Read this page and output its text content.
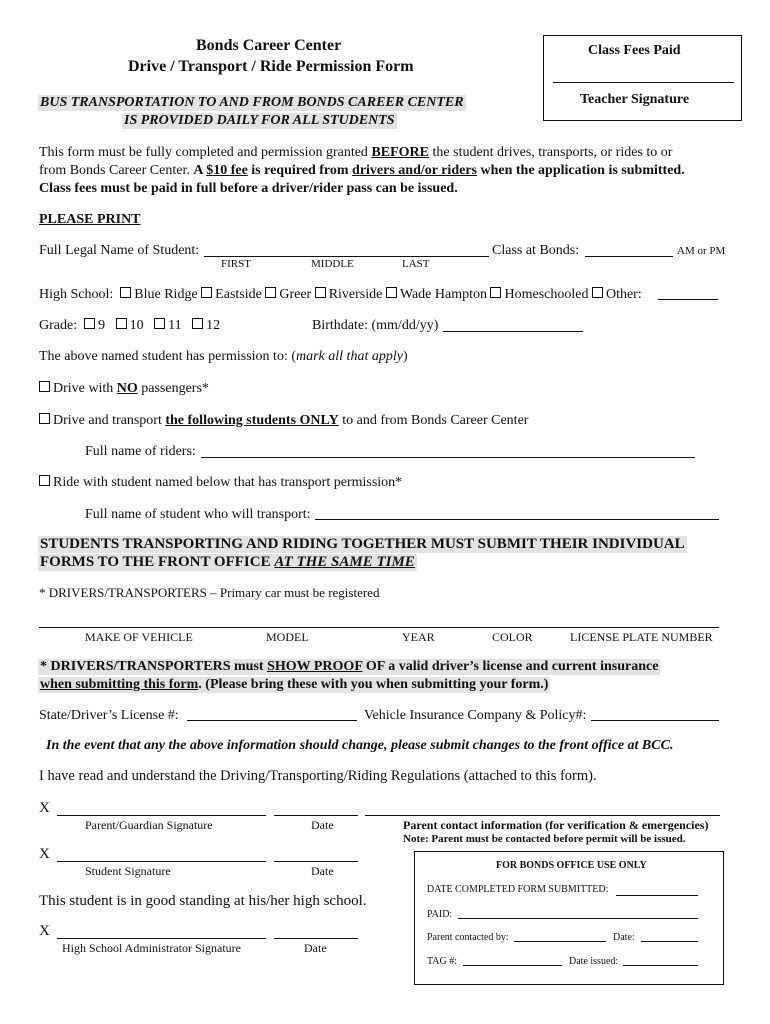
Bonds Career Center
Drive / Transport / Ride Permission Form
Class Fees Paid
Teacher Signature
BUS TRANSPORTATION TO AND FROM BONDS CAREER CENTER
IS PROVIDED DAILY FOR ALL STUDENTS
This form must be fully completed and permission granted BEFORE the student drives, transports, or rides to or
from Bonds Career Center. A $10 fee is required from drivers and/or riders when the application is submitted.
Class fees must be paid in full before a driver/rider pass can be issued.
PLEASE PRINT
Full Legal Name of Student:
FIRST	MIDDLE	LAST
Class at Bonds:	AM or PM
High School: Blue Ridge Eastside Greer Riverside Wade Hampton Homeschooled Other:
Grade: 9 10 11 12	Birthdate: (mm/dd/yy)
The above named student has permission to: (mark all that apply)
Drive with NO passengers*
Drive and transport the following students ONLY to and from Bonds Career Center
Full name of riders:
Ride with student named below that has transport permission*
Full name of student who will transport:
STUDENTS TRANSPORTING AND RIDING TOGETHER MUST SUBMIT THEIR INDIVIDUAL
FORMS TO THE FRONT OFFICE AT THE SAME TIME
* DRIVERS/TRANSPORTERS – Primary car must be registered
MAKE OF VEHICLE	MODEL	YEAR	COLOR	LICENSE PLATE NUMBER
* DRIVERS/TRANSPORTERS must SHOW PROOF OF a valid driver’s license and current insurance
when submitting this form. (Please bring these with you when submitting your form.)
State/Driver’s License #:	Vehicle Insurance Company & Policy#:
In the event that any the above information should change, please submit changes to the front office at BCC.
I have read and understand the Driving/Transporting/Riding Regulations (attached to this form).
X
Parent/Guardian Signature	Date	Parent contact information (for verification & emergencies)
Note: Parent must be contacted before permit will be issued.
X
Student Signature	Date
This student is in good standing at his/her high school.
X
High School Administrator Signature	Date
FOR BONDS OFFICE USE ONLY
DATE COMPLETED FORM SUBMITTED:
PAID:
Parent contacted by:	Date:
TAG #:	Date issued:
